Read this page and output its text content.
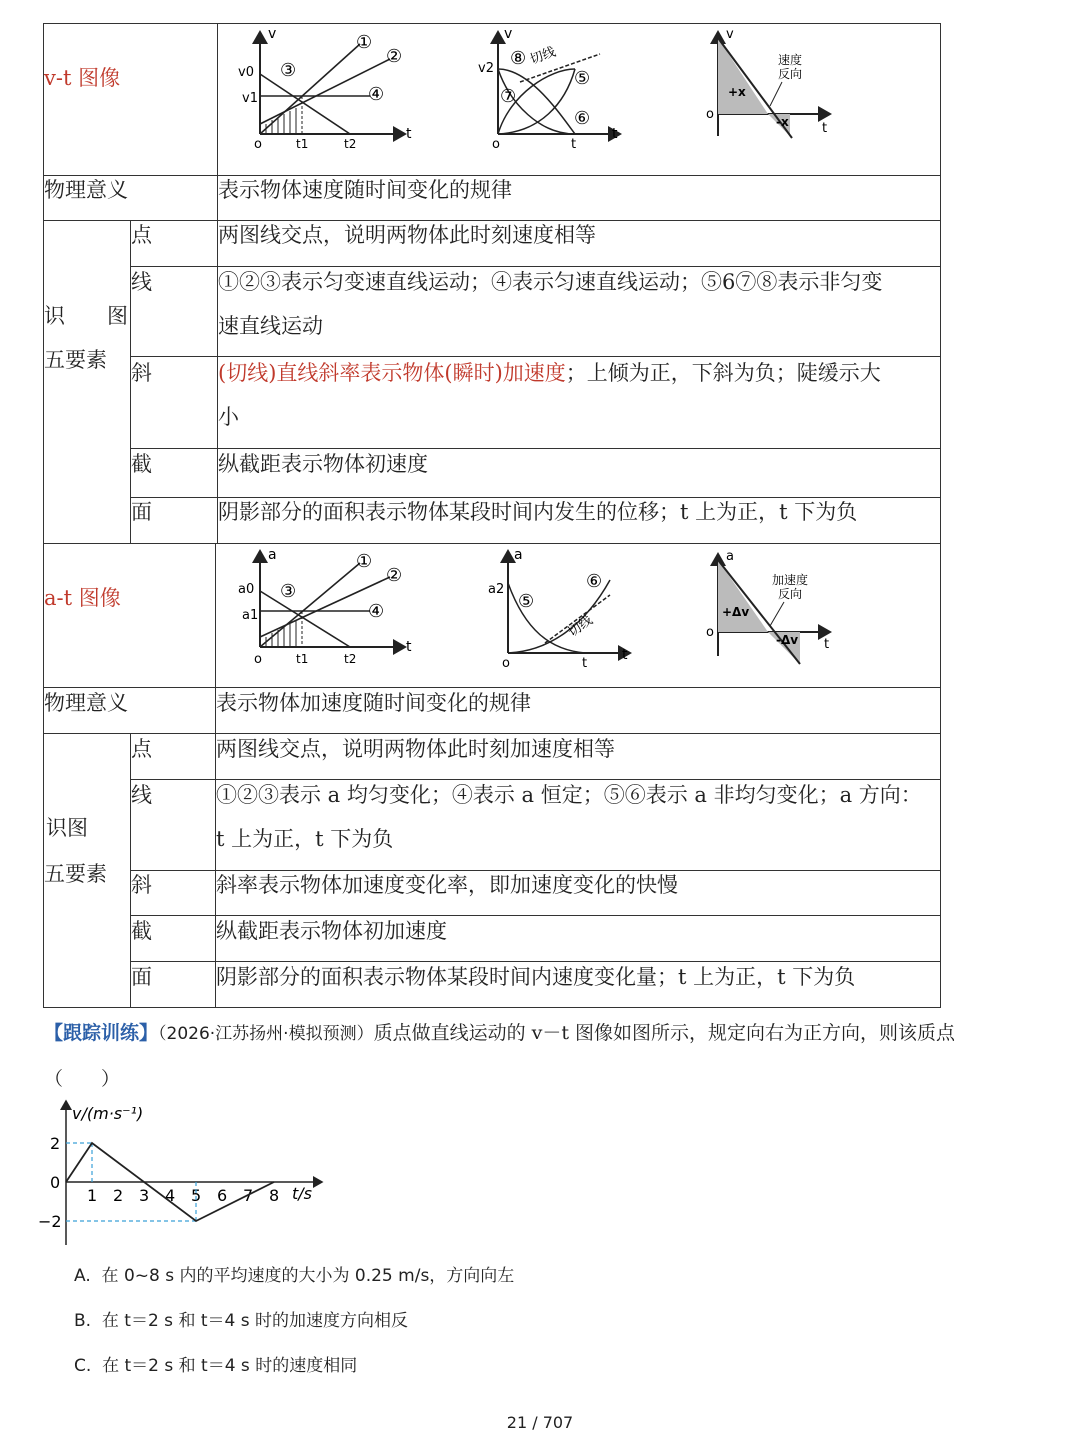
v-t 图像
v
v0
v1
o
t
t1	t2
①
②
③
④
v
v2
o	t
t
⑧
⑦
⑤
⑥
切线
v
o
t
+x
-x
速度
反向
物理意义	表示物体速度随时间变化的规律
识　　图
五要素
点	两图线交点，说明两物体此时刻速度相等
线	①②③表示匀变速直线运动；④表示匀速直线运动；⑤6⑦⑧表示非匀变
速直线运动
斜	(切线)直线斜率表示物体(瞬时)加速度；上倾为正，下斜为负；陡缓示大
小
截	纵截距表示物体初速度
面	阴影部分的面积表示物体某段时间内发生的位移；t 上为正，t 下为负
a-t 图像
a
a0
a1
o
t
t1	t2
①
②
③
④
a
a2
o	t
t
⑤
⑥
切线
a
o
t
+Δv
-Δv
加速度
反向
物理意义	表示物体加速度随时间变化的规律
识图
五要素
点	两图线交点，说明两物体此时刻加速度相等
线	①②③表示 a 均匀变化；④表示 a 恒定；⑤⑥表示 a 非均匀变化；a 方向：
t 上为正，t 下为负
斜	斜率表示物体加速度变化率，即加速度变化的快慢
截	纵截距表示物体初加速度
面	阴影部分的面积表示物体某段时间内速度变化量；t 上为正，t 下为负
【跟踪训练】（2026·江苏扬州·模拟预测）质点做直线运动的 v－t 图像如图所示，规定向右为正方向，则该质点
（　　）
v/(m·s⁻¹)
t/s
2
0
−2
1 2 3 4 5 6 7 8
A. 在 0~8 s 内的平均速度的大小为 0.25 m/s，方向向左
B. 在 t＝2 s 和 t＝4 s 时的加速度方向相反
C. 在 t＝2 s 和 t＝4 s 时的速度相同
21 / 707
